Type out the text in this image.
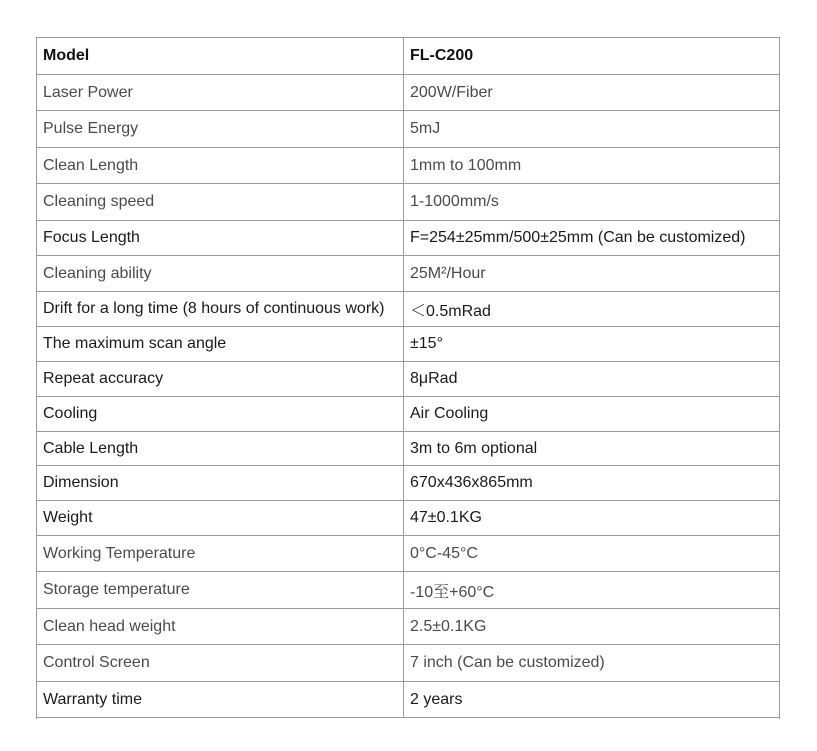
Model	FL-C200
Laser Power	200W/Fiber
Pulse Energy	5mJ
Clean Length	1mm to 100mm
Cleaning speed	1-1000mm/s
Focus Length	F=254±25mm/500±25mm (Can be customized)
Cleaning ability	25M²/Hour
Drift for a long time (8 hours of continuous work)	＜0.5mRad
The maximum scan angle	±15°
Repeat accuracy	8μRad
Cooling	Air Cooling
Cable Length	3m to 6m optional
Dimension	670x436x865mm
Weight	47±0.1KG
Working Temperature	0°C-45°C
Storage temperature	-10至+60°C
Clean head weight	2.5±0.1KG
Control Screen	7 inch (Can be customized)
Warranty time	2 years
